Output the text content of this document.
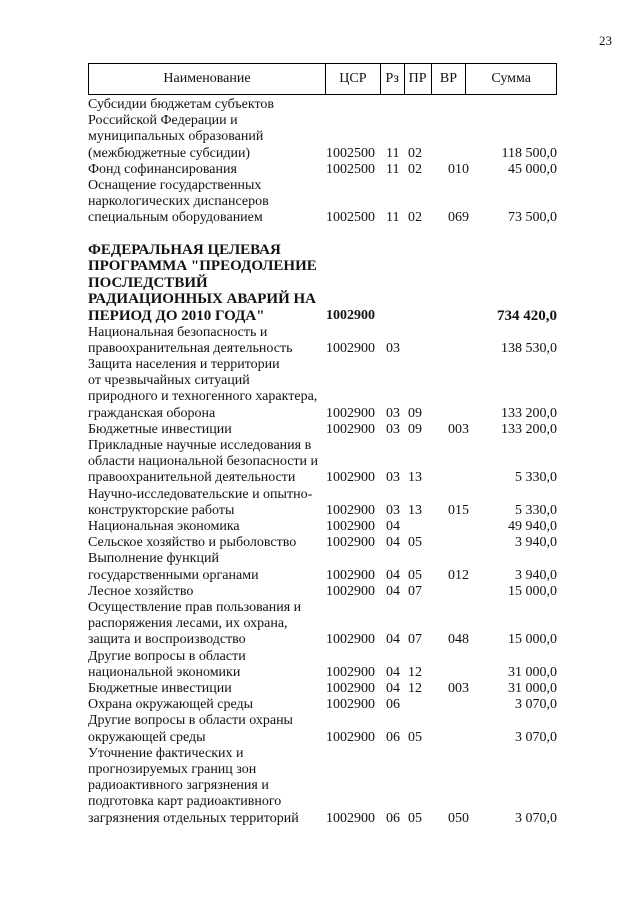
23
Наименование	ЦСР	Рз ПР ВР	Сумма
Субсидии бюджетам субъектов
Российской Федерации и
муниципальных образований
(межбюджетные субсидии)	1002500 11 02	118 500,0
Фонд софинансирования	1002500 11 02	010	45 000,0
Оснащение государственных
наркологических диспансеров
специальным оборудованием	1002500 11 02	069	73 500,0
ФЕДЕРАЛЬНАЯ ЦЕЛЕВАЯ
ПРОГРАММА "ПРЕОДОЛЕНИЕ
ПОСЛЕДСТВИЙ
РАДИАЦИОННЫХ АВАРИЙ НА
ПЕРИОД ДО 2010 ГОДА"	1002900	734 420,0
Национальная безопасность и
правоохранительная деятельность	1002900 03	138 530,0
Защита населения и территории
от чрезвычайных ситуаций
природного и техногенного характера,
гражданская оборона	1002900 03 09	133 200,0
Бюджетные инвестиции	1002900 03 09	003	133 200,0
Прикладные научные исследования в
области национальной безопасности и
правоохранительной деятельности	1002900 03 13	5 330,0
Научно-исследовательские и опытно-
конструкторские работы	1002900 03 13	015	5 330,0
Национальная экономика	1002900 04	49 940,0
Сельское хозяйство и рыболовство	1002900 04 05	3 940,0
Выполнение функций
государственными органами	1002900 04 05	012	3 940,0
Лесное хозяйство	1002900 04 07	15 000,0
Осуществление прав пользования и
распоряжения лесами, их охрана,
защита и воспроизводство	1002900 04 07	048	15 000,0
Другие вопросы в области
национальной экономики	1002900 04 12	31 000,0
Бюджетные инвестиции	1002900 04 12	003	31 000,0
Охрана окружающей среды	1002900 06	3 070,0
Другие вопросы в области охраны
окружающей среды	1002900 06 05	3 070,0
Уточнение фактических и
прогнозируемых границ зон
радиоактивного загрязнения и
подготовка карт радиоактивного
загрязнения отдельных территорий	1002900 06 05	050	3 070,0
